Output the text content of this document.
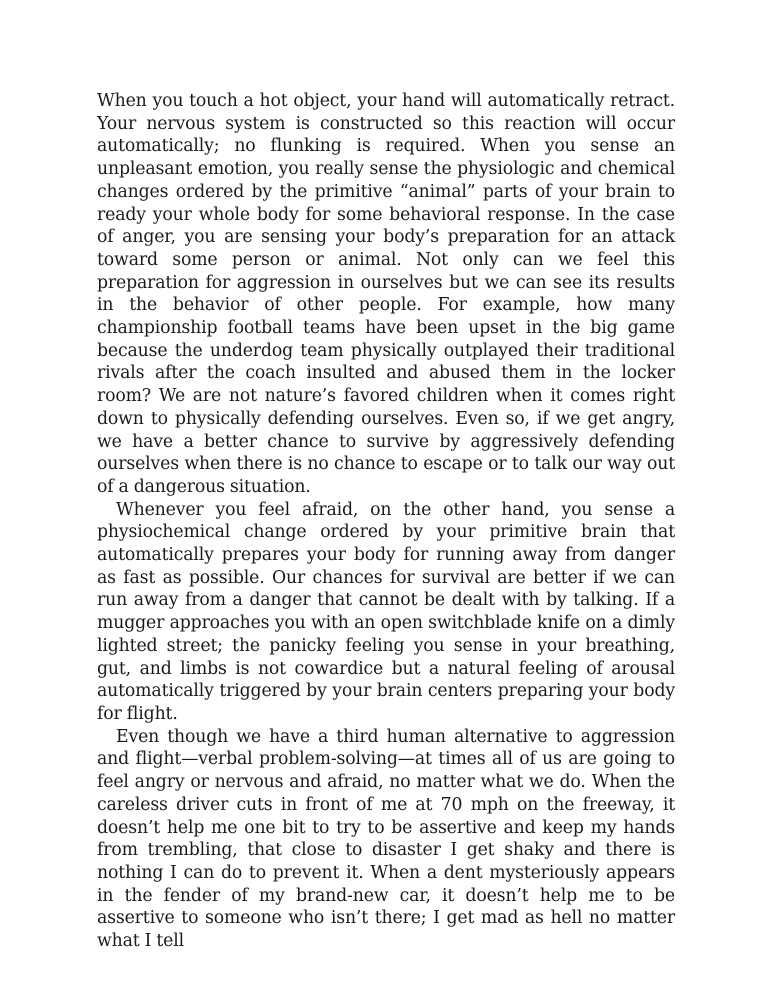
When you touch a hot object, your hand will automatically retract. Your nervous system is constructed so this reaction will occur automatically; no flunking is required. When you sense an unpleasant emotion, you really sense the physiologic and chemical changes ordered by the primitive “animal” parts of your brain to ready your whole body for some behavioral response. In the case of anger, you are sensing your body’s preparation for an attack toward some person or animal. Not only can we feel this preparation for aggression in ourselves but we can see its results in the behavior of other people. For example, how many championship football teams have been upset in the big game because the underdog team physically outplayed their traditional rivals after the coach insulted and abused them in the locker room? We are not nature’s favored children when it comes right down to physically defending ourselves. Even so, if we get angry, we have a better chance to survive by aggressively defending ourselves when there is no chance to escape or to talk our way out of a dangerous situation.

Whenever you feel afraid, on the other hand, you sense a physiochemical change ordered by your primitive brain that automatically prepares your body for running away from danger as fast as possible. Our chances for survival are better if we can run away from a danger that cannot be dealt with by talking. If a mugger approaches you with an open switchblade knife on a dimly lighted street; the panicky feeling you sense in your breathing, gut, and limbs is not cowardice but a natural feeling of arousal automatically triggered by your brain centers preparing your body for flight.

Even though we have a third human alternative to aggression and flight—verbal problem-solving—at times all of us are going to feel angry or nervous and afraid, no matter what we do. When the careless driver cuts in front of me at 70 mph on the freeway, it doesn’t help me one bit to try to be assertive and keep my hands from trembling, that close to disaster I get shaky and there is nothing I can do to prevent it. When a dent mysteriously appears in the fender of my brand-new car, it doesn’t help me to be assertive to someone who isn’t there; I get mad as hell no matter what I tell
